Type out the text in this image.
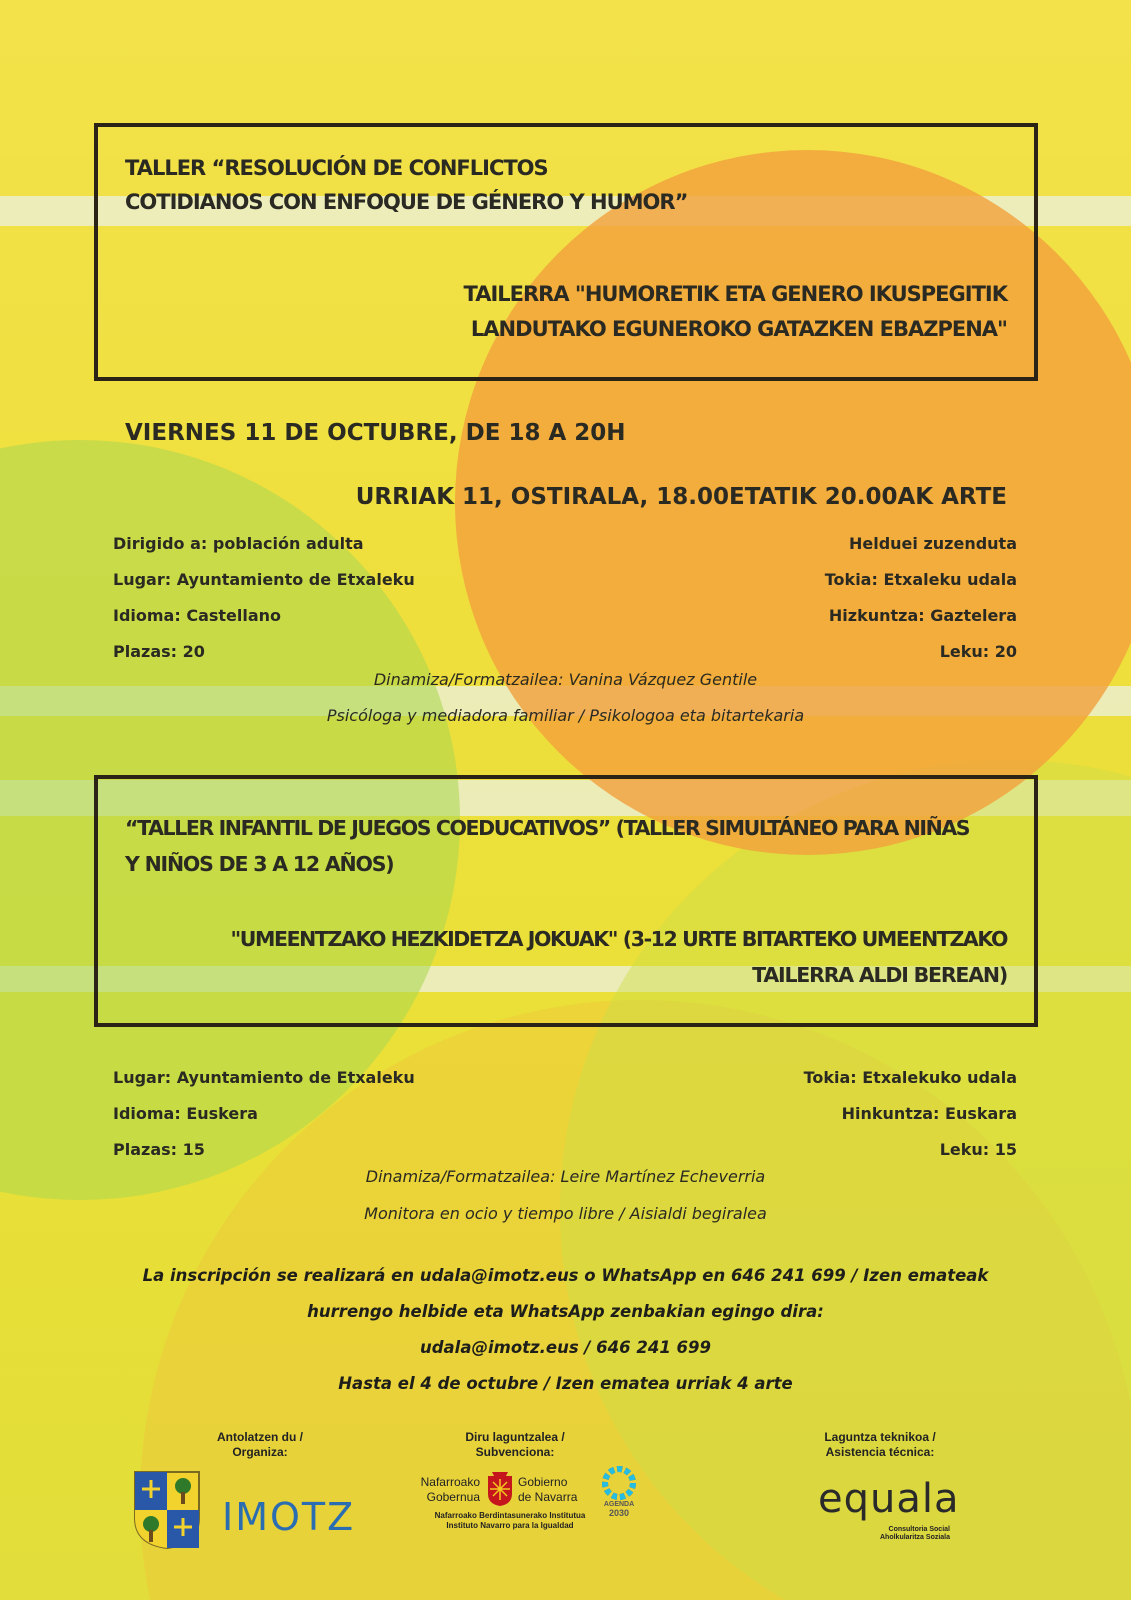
TALLER “RESOLUCIÓN DE CONFLICTOS

COTIDIANOS CON ENFOQUE DE GÉNERO Y HUMOR”

TAILERRA "HUMORETIK ETA GENERO IKUSPEGITIK

LANDUTAKO EGUNEROKO GATAZKEN EBAZPENA"

VIERNES 11 DE OCTUBRE, DE 18 A 20H
URRIAK 11, OSTIRALA, 18.00ETATIK 20.00AK ARTE
Dirigido a: población adulta
Lugar: Ayuntamiento de Etxaleku
Idioma: Castellano
Plazas: 20
Helduei zuzenduta
Tokia: Etxaleku udala
Hizkuntza: Gaztelera
Leku: 20
Dinamiza/Formatzailea: Vanina Vázquez Gentile
Psicóloga y mediadora familiar / Psikologoa eta bitartekaria

“TALLER INFANTIL DE JUEGOS COEDUCATIVOS” (TALLER SIMULTÁNEO PARA NIÑAS

Y NIÑOS DE 3 A 12 AÑOS)

"UMEENTZAKO HEZKIDETZA JOKUAK" (3-12 URTE BITARTEKO UMEENTZAKO

TAILERRA ALDI BEREAN)

Lugar: Ayuntamiento de Etxaleku
Idioma: Euskera
Plazas: 15
Tokia: Etxalekuko udala
Hinkuntza: Euskara
Leku: 15
Dinamiza/Formatzailea: Leire Martínez Echeverria
Monitora en ocio y tiempo libre / Aisialdi begiralea
La inscripción se realizará en udala@imotz.eus o WhatsApp en 646 241 699 / Izen emateak
hurrengo helbide eta WhatsApp zenbakian egingo dira:
udala@imotz.eus / 646 241 699
Hasta el 4 de octubre / Izen ematea urriak 4 arte
Antolatzen du /
Organiza:
IMOTZ
Diru laguntzalea /
Subvenciona:
Nafarroako
Gobernua
Gobierno
de Navarra
AGENDA
2030
Nafarroako Berdintasunerako Institutua
Instituto Navarro para la Igualdad
Laguntza teknikoa /
Asistencia técnica:
equala
Consultoria Social
Aholkularitza Soziala
